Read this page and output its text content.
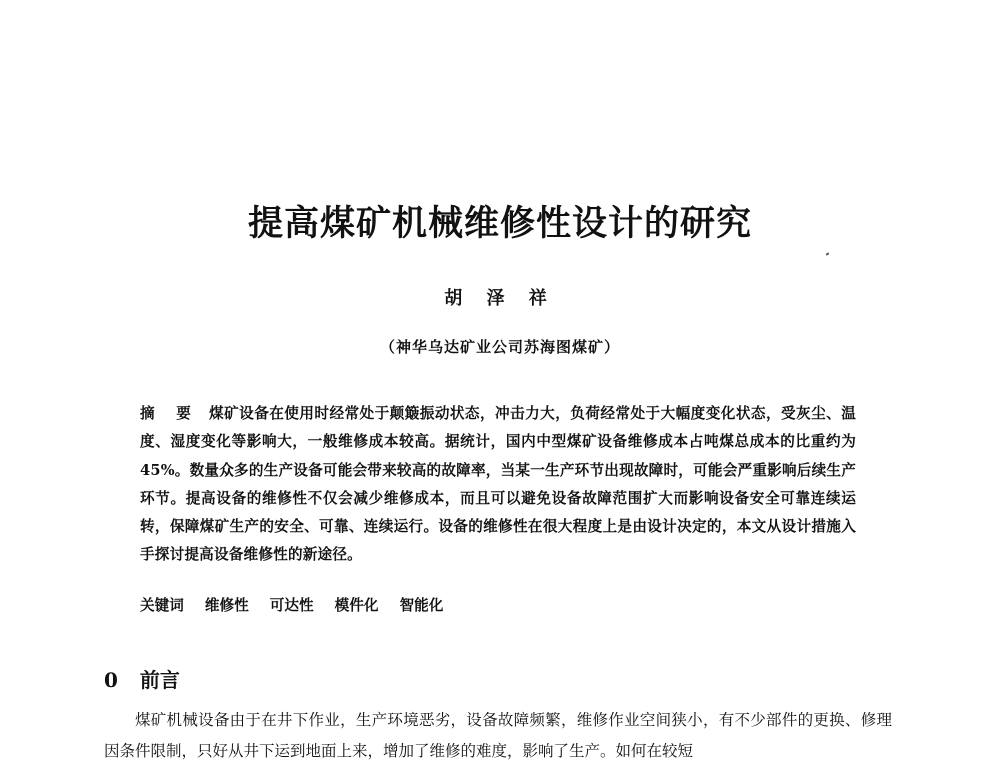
提高煤矿机械维修性设计的研究
胡 泽 祥
（神华乌达矿业公司苏海图煤矿）
摘 要 煤矿设备在使用时经常处于颠簸振动状态，冲击力大，负荷经常处于大幅度变化状态，受灰尘、温度、湿度变化等影响大，一般维修成本较高。据统计，国内中型煤矿设备维修成本占吨煤总成本的比重约为 45%。数量众多的生产设备可能会带来较高的故障率，当某一生产环节出现故障时，可能会严重影响后续生产环节。提高设备的维修性不仅会减少维修成本，而且可以避免设备故障范围扩大而影响设备安全可靠连续运转，保障煤矿生产的安全、可靠、连续运行。设备的维修性在很大程度上是由设计决定的，本文从设计措施入手探讨提高设备维修性的新途径。
关键词 维修性 可达性 模件化 智能化
0 前言
煤矿机械设备由于在井下作业，生产环境恶劣，设备故障频繁，维修作业空间狭小，有不少部件的更换、修理因条件限制，只好从井下运到地面上来，增加了维修的难度，影响了生产。如何在较短
